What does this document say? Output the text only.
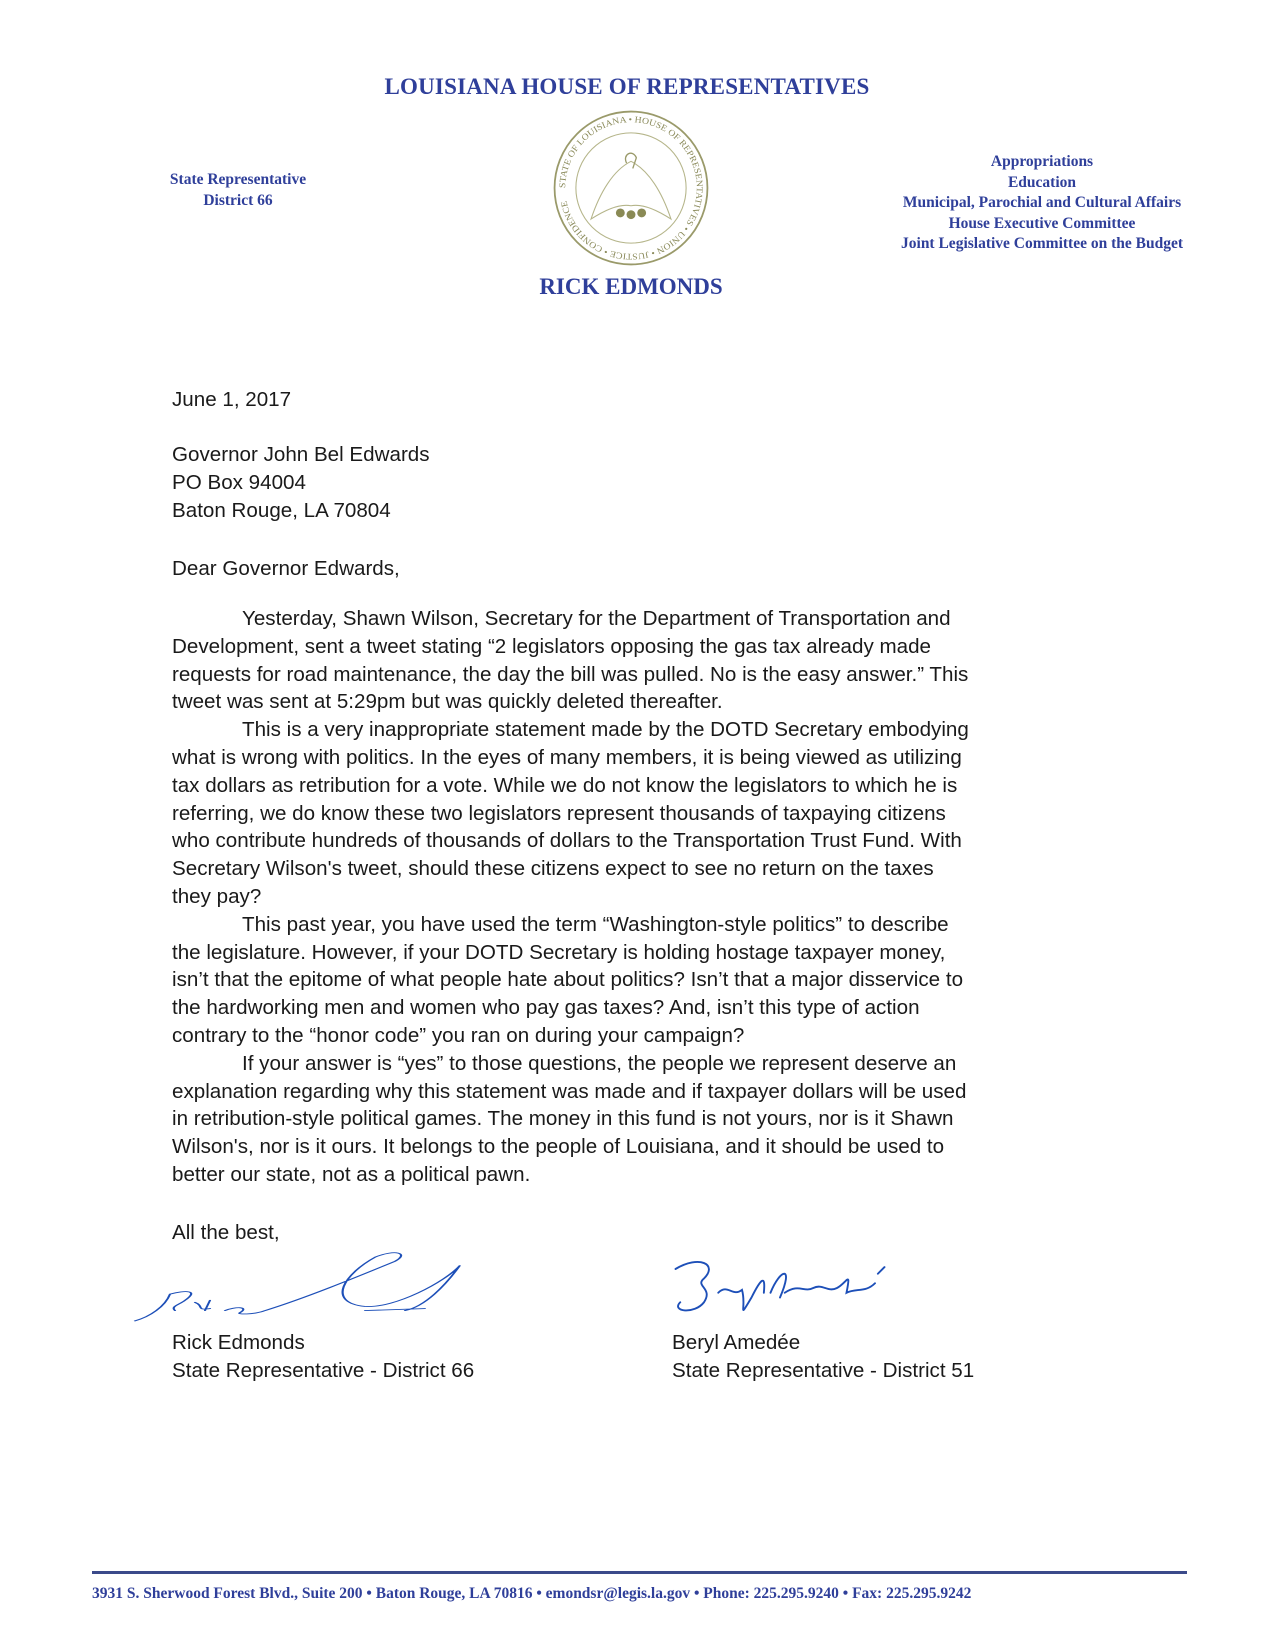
LOUISIANA HOUSE OF REPRESENTATIVES
State Representative
District 66
STATE OF LOUISIANA • HOUSE OF REPRESENTATIVES • UNION • JUSTICE • CONFIDENCE
Appropriations
Education
Municipal, Parochial and Cultural Affairs
House Executive Committee
Joint Legislative Committee on the Budget
RICK EDMONDS
June 1, 2017
Governor John Bel Edwards
PO Box 94004
Baton Rouge, LA 70804
Dear Governor Edwards,
Yesterday, Shawn Wilson, Secretary for the Department of Transportation and
Development, sent a tweet stating “2 legislators opposing the gas tax already made
requests for road maintenance, the day the bill was pulled. No is the easy answer.” This
tweet was sent at 5:29pm but was quickly deleted thereafter.
This is a very inappropriate statement made by the DOTD Secretary embodying
what is wrong with politics. In the eyes of many members, it is being viewed as utilizing
tax dollars as retribution for a vote. While we do not know the legislators to which he is
referring, we do know these two legislators represent thousands of taxpaying citizens
who contribute hundreds of thousands of dollars to the Transportation Trust Fund. With
Secretary Wilson's tweet, should these citizens expect to see no return on the taxes
they pay?
This past year, you have used the term “Washington-style politics” to describe
the legislature. However, if your DOTD Secretary is holding hostage taxpayer money,
isn’t that the epitome of what people hate about politics? Isn’t that a major disservice to
the hardworking men and women who pay gas taxes? And, isn’t this type of action
contrary to the “honor code” you ran on during your campaign?
If your answer is “yes” to those questions, the people we represent deserve an
explanation regarding why this statement was made and if taxpayer dollars will be used
in retribution-style political games. The money in this fund is not yours, nor is it Shawn
Wilson's, nor is it ours. It belongs to the people of Louisiana, and it should be used to
better our state, not as a political pawn.
All the best,
Rick Edmonds
State Representative - District 66
Beryl Amedée
State Representative - District 51
3931 S. Sherwood Forest Blvd., Suite 200 • Baton Rouge, LA 70816 • emondsr@legis.la.gov • Phone: 225.295.9240 • Fax: 225.295.9242
